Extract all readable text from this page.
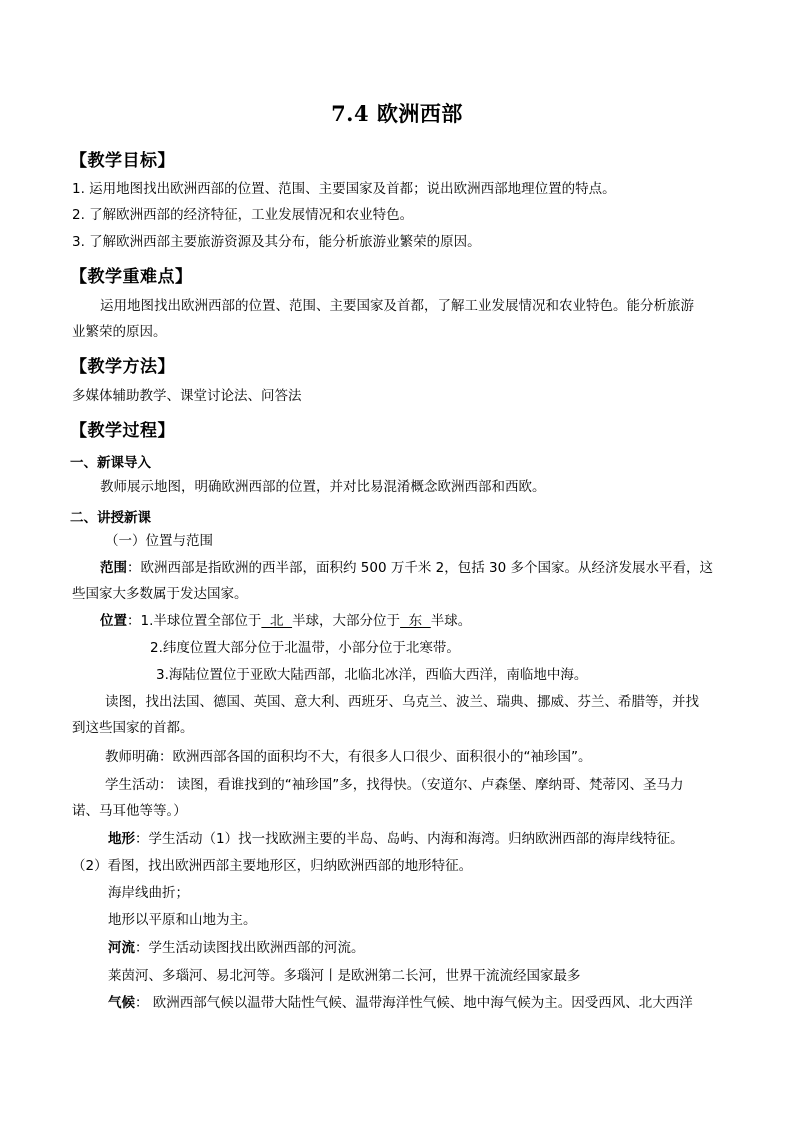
7.4 欧洲西部
【教学目标】
1. 运用地图找出欧洲西部的位置、范围、主要国家及首都；说出欧洲西部地理位置的特点。
2. 了解欧洲西部的经济特征，工业发展情况和农业特色。
3. 了解欧洲西部主要旅游资源及其分布，能分析旅游业繁荣的原因。
【教学重难点】
运用地图找出欧洲西部的位置、范围、主要国家及首都，了解工业发展情况和农业特色。能分析旅游
业繁荣的原因。
【教学方法】
多媒体辅助教学、课堂讨论法、问答法
【教学过程】
一、新课导入
教师展示地图，明确欧洲西部的位置，并对比易混淆概念欧洲西部和西欧。
二、讲授新课
（一）位置与范围
范围：欧洲西部是指欧洲的西半部，面积约 500 万千米 2，包括 30 多个国家。从经济发展水平看，这
些国家大多数属于发达国家。
位置：1.半球位置全部位于  北  半球，大部分位于  东  半球。
2.纬度位置大部分位于北温带，小部分位于北寒带。
3.海陆位置位于亚欧大陆西部，北临北冰洋，西临大西洋，南临地中海。
读图，找出法国、德国、英国、意大利、西班牙、乌克兰、波兰、瑞典、挪威、芬兰、希腊等，并找
到这些国家的首都。
教师明确：欧洲西部各国的面积均不大，有很多人口很少、面积很小的“袖珍国”。
学生活动： 读图，看谁找到的“袖珍国”多，找得快。（安道尔、卢森堡、摩纳哥、梵蒂冈、圣马力
诺、马耳他等等。）
地形：学生活动（1）找一找欧洲主要的半岛、岛屿、内海和海湾。归纳欧洲西部的海岸线特征。
（2）看图，找出欧洲西部主要地形区，归纳欧洲西部的地形特征。
海岸线曲折；
地形以平原和山地为主。
河流：学生活动读图找出欧洲西部的河流。
莱茵河、多瑙河、易北河等。多瑙河丨是欧洲第二长河，世界干流流经国家最多
气候： 欧洲西部气候以温带大陆性气候、温带海洋性气候、地中海气候为主。因受西风、北大西洋
